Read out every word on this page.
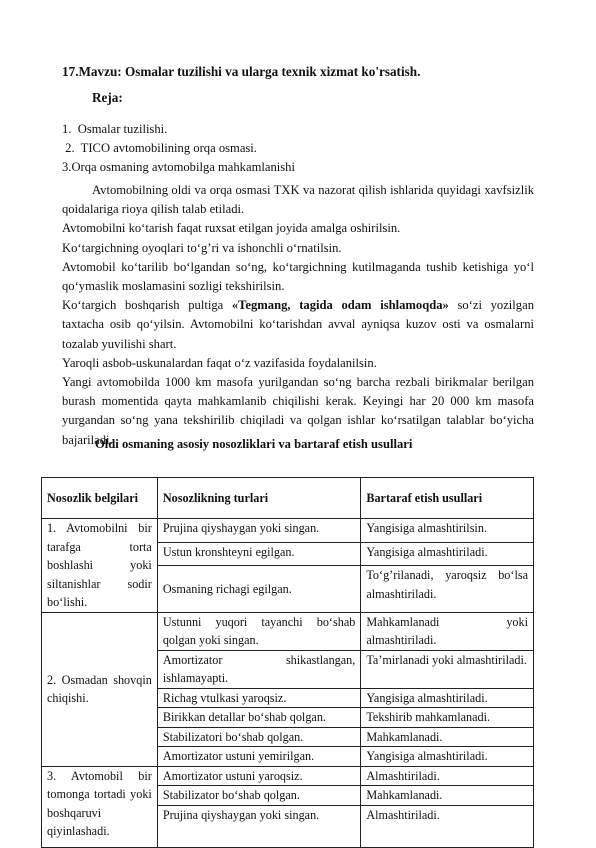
17.Mavzu: Osmalar tuzilishi va ularga texnik xizmat ko'rsatish.
Reja:
1.  Osmalar tuzilishi.
2.  TICO avtomobilining orqa osmasi.
3.Orqa osmaning avtomobilga mahkamlanishi

Avtomobilning oldi va orqa osmasi TXK va nazorat qilish ishlarida quyidagi xavfsizlik qoidalariga rioya qilish talab etiladi.

Avtomobilni ko‘tarish faqat ruxsat etilgan joyida amalga oshirilsin.

Ko‘targichning oyoqlari to‘g’ri va ishonchli o‘rnatilsin.

Avtomobil ko‘tarilib bo‘lgandan so‘ng, ko‘targichning kutilmaganda tushib ketishiga yo‘l qo‘ymaslik moslamasini sozligi tekshirilsin.

Ko‘targich boshqarish pultiga «Tegmang, tagida odam ishlamoqda» so‘zi yozilgan taxtacha osib qo‘yilsin. Avtomobilni ko‘tarishdan avval ayniqsa kuzov osti va osmalarni tozalab yuvilishi shart.

Yaroqli asbob-uskunalardan faqat o‘z vazifasida foydalanilsin.

Yangi avtomobilda 1000 km masofa yurilgandan so‘ng barcha rezbali birikmalar berilgan burash momentida qayta mahkamlanib chiqilishi kerak. Keyingi har 20 000 km masofa yurgandan so‘ng yana tekshirilib chiqiladi va qolgan ishlar ko‘rsatilgan talablar bo‘yicha bajariladi.

Oldi osmaning asosiy nosozliklari va bartaraf etish usullari
Nosozlik belgilari	Nosozlikning turlari	Bartaraf etish usullari
1. Avtomobilni bir tarafga torta boshlashi yoki siltanishlar sodir bo‘lishi.	Prujina qiyshaygan yoki singan.	Yangisiga almashtirilsin.
	Ustun kronshteyni egilgan.	Yangisiga almashtiriladi.
	Osmaning richagi egilgan.	To‘g’rilanadi, yaroqsiz bo‘lsa almashtiriladi.
2. Osmadan shovqin chiqishi.	Ustunni yuqori tayanchi bo‘shab qolgan yoki singan.	Mahkamlanadi yoki almashtiriladi.
	Amortizator shikastlangan, ishlamayapti.	Ta’mirlanadi yoki almashtiriladi.
	Richag vtulkasi yaroqsiz.	Yangisiga almashtiriladi.
	Birikkan detallar bo‘shab qolgan.	Tekshirib mahkamlanadi.
	Stabilizatori bo‘shab qolgan.	Mahkamlanadi.
	Amortizator ustuni yemirilgan.	Yangisiga almashtiriladi.
3. Avtomobil bir tomonga tortadi yoki boshqaruvi qiyinlashadi.	Amortizator ustuni yaroqsiz.	Almashtiriladi.
	Stabilizator bo‘shab qolgan.	Mahkamlanadi.
	Prujina qiyshaygan yoki singan.	Almashtiriladi.
